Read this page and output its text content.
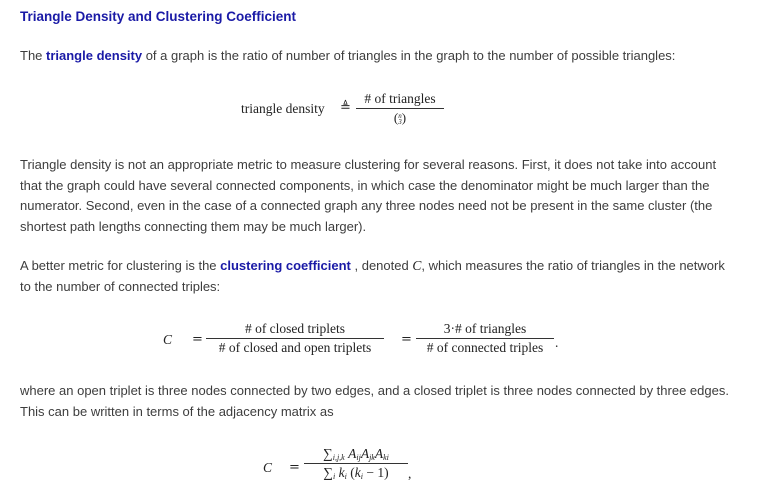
Triangle Density and Clustering Coefficient
The triangle density of a graph is the ratio of number of triangles in the graph to the number of possible triangles:
triangle density ≜
# of triangles
(n
3)
Triangle density is not an appropriate metric to measure clustering for several reasons. First, it does not take into account
that the graph could have several connected components, in which case the denominator might be much larger than the
numerator. Second, even in the case of a connected graph any three nodes need not be present in the same cluster (the
shortest path lengths connecting them may be much larger).
A better metric for clustering is the clustering coefficient , denoted C, which measures the ratio of triangles in the network
to the number of connected triples:
C =
# of closed triplets
# of closed and open triplets
=
3·# of triangles
# of connected triples .
where an open triplet is three nodes connected by two edges, and a closed triplet is three nodes connected by three edges.
This can be written in terms of the adjacency matrix as
C =
$\sum_{i,j,k}$ $A_{ij}A_{jk}A_{ki}$
$\sum_i$ $k_i$ $(k_i - 1)$	,
